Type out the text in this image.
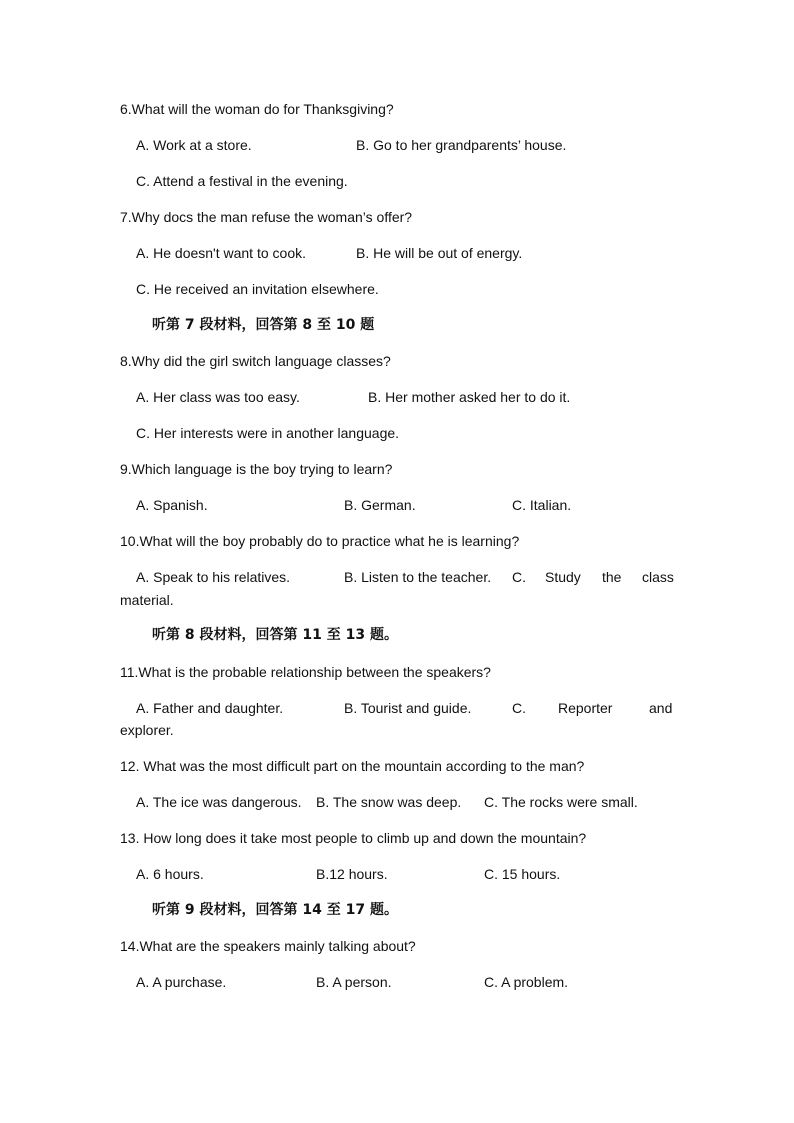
6.What will the woman do for Thanksgiving?
A. Work at a store.	B. Go to her grandparents’ house.
C. Attend a festival in the evening.
7.Why docs the man refuse the woman’s offer?
A. He doesn't want to cook.	B. He will be out of energy.
C. He received an invitation elsewhere.
听第 7 段材料，回答第 8 至 10 题
8.Why did the girl switch language classes?
A. Her class was too easy.	B. Her mother asked her to do it.
C. Her interests were in another language.
9.Which language is the boy trying to learn?
A. Spanish.	B. German.	C. Italian.
10.What will the boy probably do to practice what he is learning?
A. Speak to his relatives.	B. Listen to the teacher. C. Study the class
material.
听第 8 段材料，回答第 11 至 13 题。
11.What is the probable relationship between the speakers?
A. Father and daughter.	B. Tourist and guide.	C. Reporter	and
explorer.
12. What was the most difficult part on the mountain according to the man?
A. The ice was dangerous. B. The snow was deep. C. The rocks were small.
13. How long does it take most people to climb up and down the mountain?
A. 6 hours.	B.12 hours.	C. 15 hours.
听第 9 段材料，回答第 14 至 17 题。
14.What are the speakers mainly talking about?
A. A purchase.	B. A person.	C. A problem.
